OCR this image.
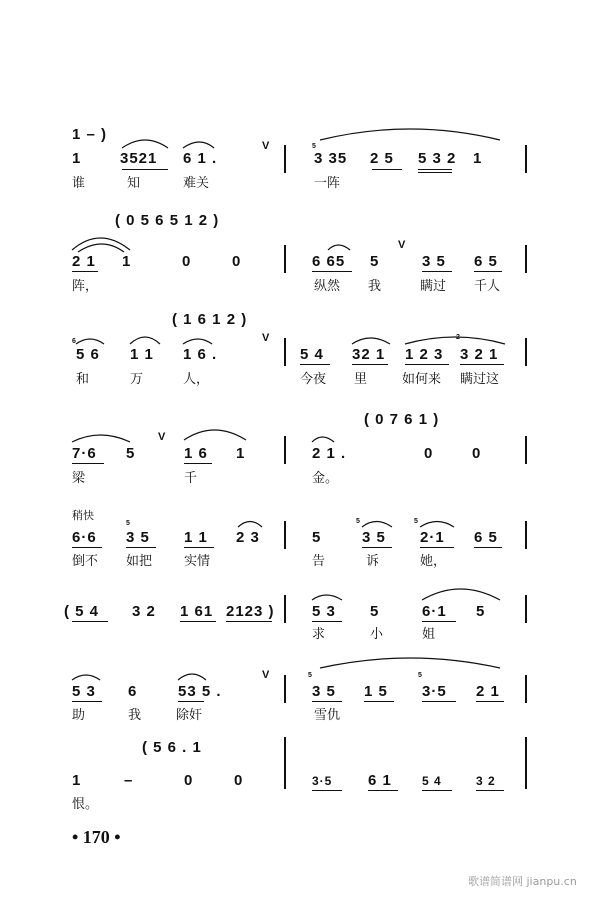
1 – )
1	3521 6 1 .
V
3 35 2 5 5 3 2 1
谁	知	难关	一阵
( 0 5 6 5 1 2 )
2 1 1	0	0	6 65 5
V
3 5 6 5
阵，	纵然 我	瞒过 千人
( 1 6 1 2 )
5 6 1 1 1 6 .
V
5 4 32 1 1 2 3 3 2 1
和	万	人，	今夜 里	如何来 瞒过这
( 0 7 6 1 )
7·6 5
V
1 6 1	2 1 .	0	0
梁	千	金。
稍快
6·6 3 5 1 1 2 3	5	3 5 2·1 6 5
倒不 如把 实情	告	诉	她，
( 5 4 3 2 1 61 2123 ) 5 3 5	6·1 5
求	小	姐
5 3 6	53 5 .
V
3 5 1 5 3·5 2 1
助	我	除奸	雪仇
( 5 6 . 1
1	–	0	0	3·5 6 1	5 4	3 2
恨。
5
6
2
5	5	5
5	5
• 170 •
歌谱简谱网 jianpu.cn
